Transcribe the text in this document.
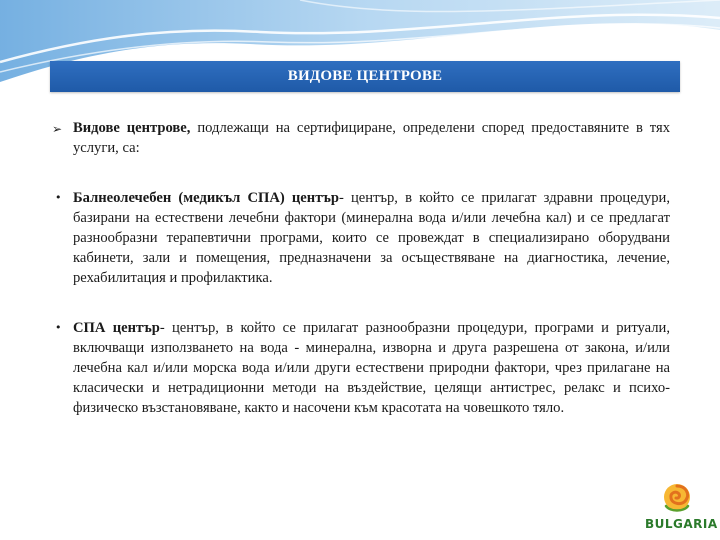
ВИДОВЕ ЦЕНТРОВЕ
➢ Видове центрове, подлежащи на сертифициране, определени според предоставяните в тях услуги, са:
• Балнеолечебен (медикъл СПА) център- център, в който се прилагат здравни процедури, базирани на естествени лечебни фактори (минерална вода и/или лечебна кал) и се предлагат разнообразни терапевтични програми, които се провеждат в специализирано оборудвани кабинети, зали и помещения, предназначени за осъществяване на диагностика, лечение, рехабилитация и профилактика.
• СПА център- център, в който се прилагат разнообразни процедури, програми и ритуали, включващи използването на вода - минерална, изворна и друга разрешена от закона, и/или лечебна кал и/или морска вода и/или други естествени природни фактори, чрез прилагане на класически и нетрадиционни методи на въздействие, целящи антистрес, релакс и психо-физическо възстановяване, както и насочени към красотата на човешкото тяло.
BULGARIA
